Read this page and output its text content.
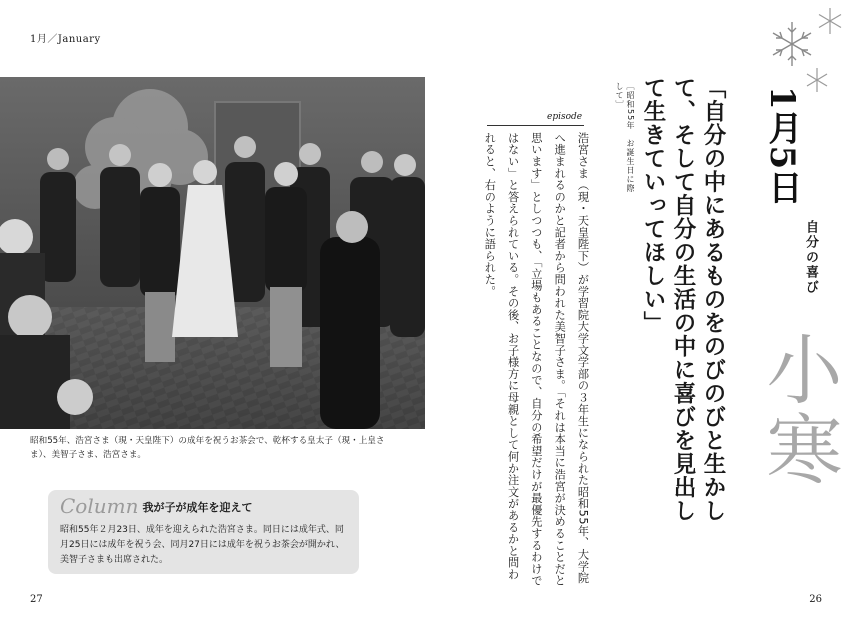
1月／January
昭和55年、浩宮さま（現・天皇陛下）の成年を祝うお茶会で、乾杯する皇太子（現・上皇さま）、美智子さま、浩宮さま。
Column 我が子が成年を迎えて
昭和55年２月23日、成年を迎えられた浩宮さま。同日には成年式、同月25日には成年を祝う会、同月27日には成年を祝うお茶会が開かれ、美智子さまも出席された。
27
1月5日
自分の喜び
小寒
「自分の中にあるものをのびのびと生かして、そして自分の生活の中に喜びを見出して生きていってほしい」
［昭和55年　お誕生日に際して］
episode
浩宮さま（現・天皇陛下）が学習院大学文学部の３年生になられた昭和55年、大学院へ進まれるのかと記者から問われた美智子さま。「それは本当に浩宮が決めることだと思います」としつつも、「立場もあることなので、自分の希望だけが最優先するわけではない」と答えられている。その後、お子様方に母親として何か注文があるかと問われると、右のように語られた。
26
